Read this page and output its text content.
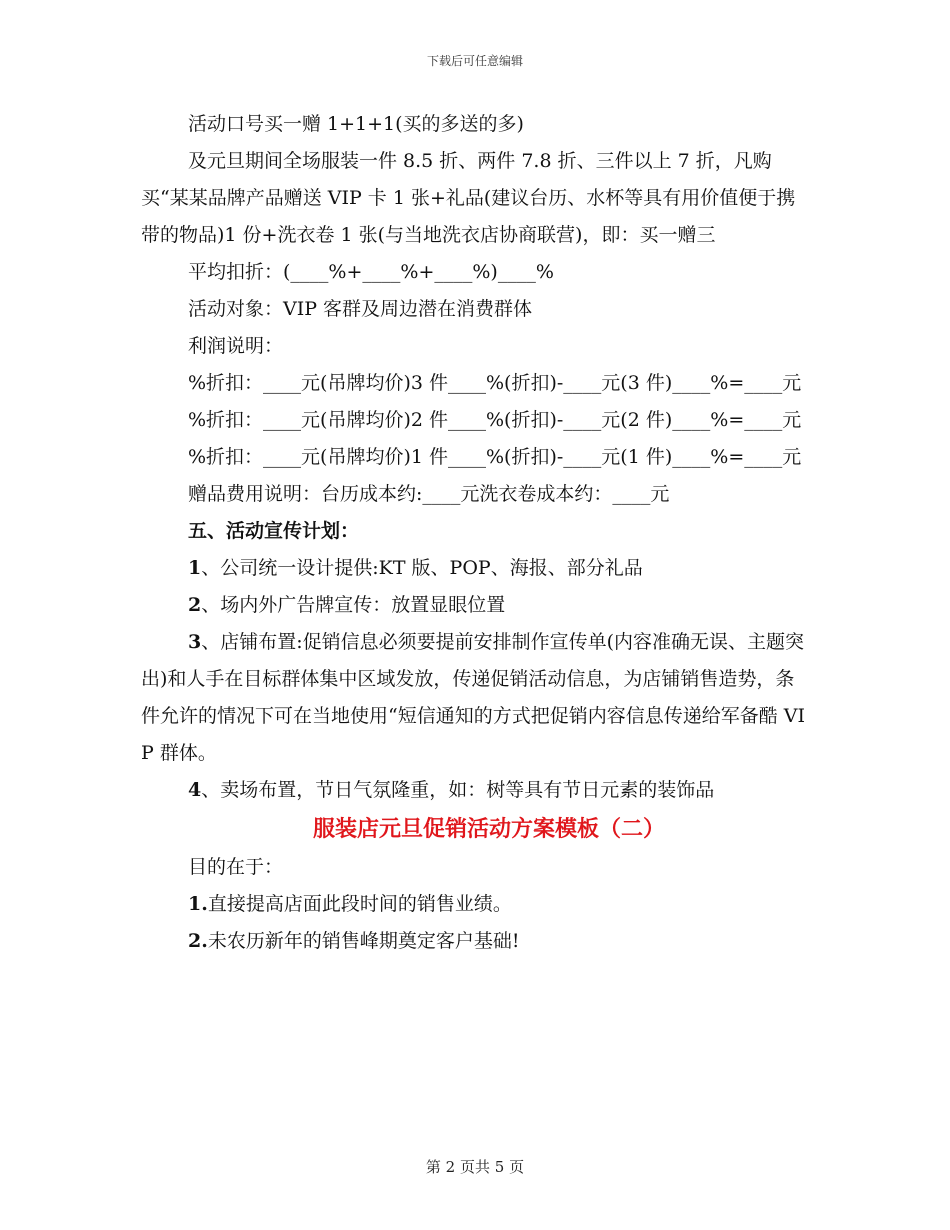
下载后可任意编辑

活动口号买一赠 1+1+1(买的多送的多)

及元旦期间全场服装一件 8.5 折、两件 7.8 折、三件以上 7 折，凡购买“某某品牌产品赠送 VIP 卡 1 张+礼品(建议台历、水杯等具有用价值便于携带的物品)1 份+洗衣卷 1 张(与当地洗衣店协商联营)，即：买一赠三

平均扣折：(____%+____%+____%)____%

活动对象：VIP 客群及周边潜在消费群体

利润说明：

%折扣：____元(吊牌均价)3 件____%(折扣)-____元(3 件)____%=____元

%折扣：____元(吊牌均价)2 件____%(折扣)-____元(2 件)____%=____元

%折扣：____元(吊牌均价)1 件____%(折扣)-____元(1 件)____%=____元

赠品费用说明：台历成本约:____元洗衣卷成本约：____元

五、活动宣传计划：

1、公司统一设计提供:KT 版、POP、海报、部分礼品

2、场内外广告牌宣传：放置显眼位置

3、店铺布置:促销信息必须要提前安排制作宣传单(内容准确无误、主题突出)和人手在目标群体集中区域发放，传递促销活动信息，为店铺销售造势，条件允许的情况下可在当地使用“短信通知的方式把促销内容信息传递给军备酷 VIP 群体。

4、卖场布置，节日气氛隆重，如：树等具有节日元素的装饰品

服装店元旦促销活动方案模板（二）

目的在于：

1.直接提高店面此段时间的销售业绩。

2.未农历新年的销售峰期奠定客户基础!

第 2 页共 5 页
